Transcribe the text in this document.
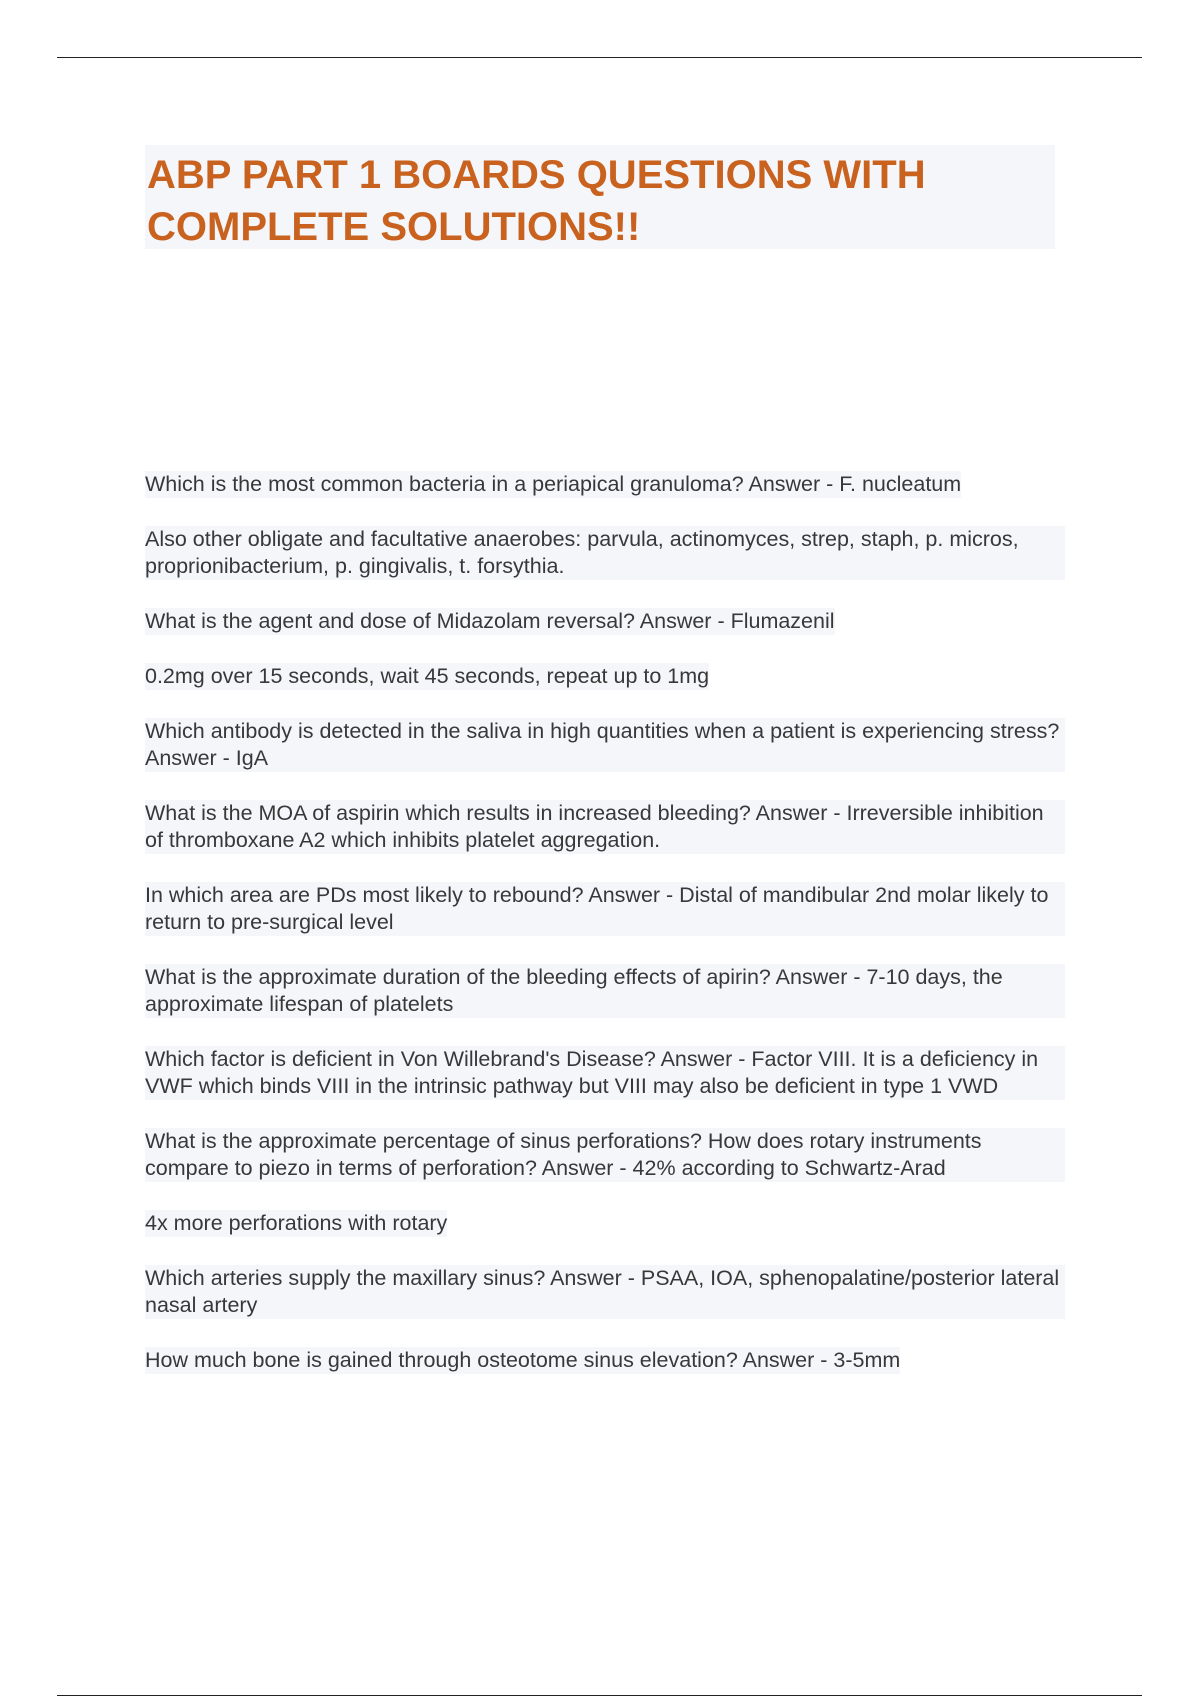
ABP PART 1 BOARDS QUESTIONS WITH COMPLETE SOLUTIONS!!

Which is the most common bacteria in a periapical granuloma? Answer - F. nucleatum

Also other obligate and facultative anaerobes: parvula, actinomyces, strep, staph, p. micros, proprionibacterium, p. gingivalis, t. forsythia.

What is the agent and dose of Midazolam reversal? Answer - Flumazenil

0.2mg over 15 seconds, wait 45 seconds, repeat up to 1mg

Which antibody is detected in the saliva in high quantities when a patient is experiencing stress? Answer - IgA

What is the MOA of aspirin which results in increased bleeding? Answer - Irreversible inhibition of thromboxane A2 which inhibits platelet aggregation.

In which area are PDs most likely to rebound? Answer - Distal of mandibular 2nd molar likely to return to pre-surgical level

What is the approximate duration of the bleeding effects of apirin? Answer - 7-10 days, the approximate lifespan of platelets

Which factor is deficient in Von Willebrand's Disease? Answer - Factor VIII. It is a deficiency in VWF which binds VIII in the intrinsic pathway but VIII may also be deficient in type 1 VWD

What is the approximate percentage of sinus perforations? How does rotary instruments compare to piezo in terms of perforation? Answer - 42% according to Schwartz-Arad

4x more perforations with rotary

Which arteries supply the maxillary sinus? Answer - PSAA, IOA, sphenopalatine/posterior lateral nasal artery

How much bone is gained through osteotome sinus elevation? Answer - 3-5mm
